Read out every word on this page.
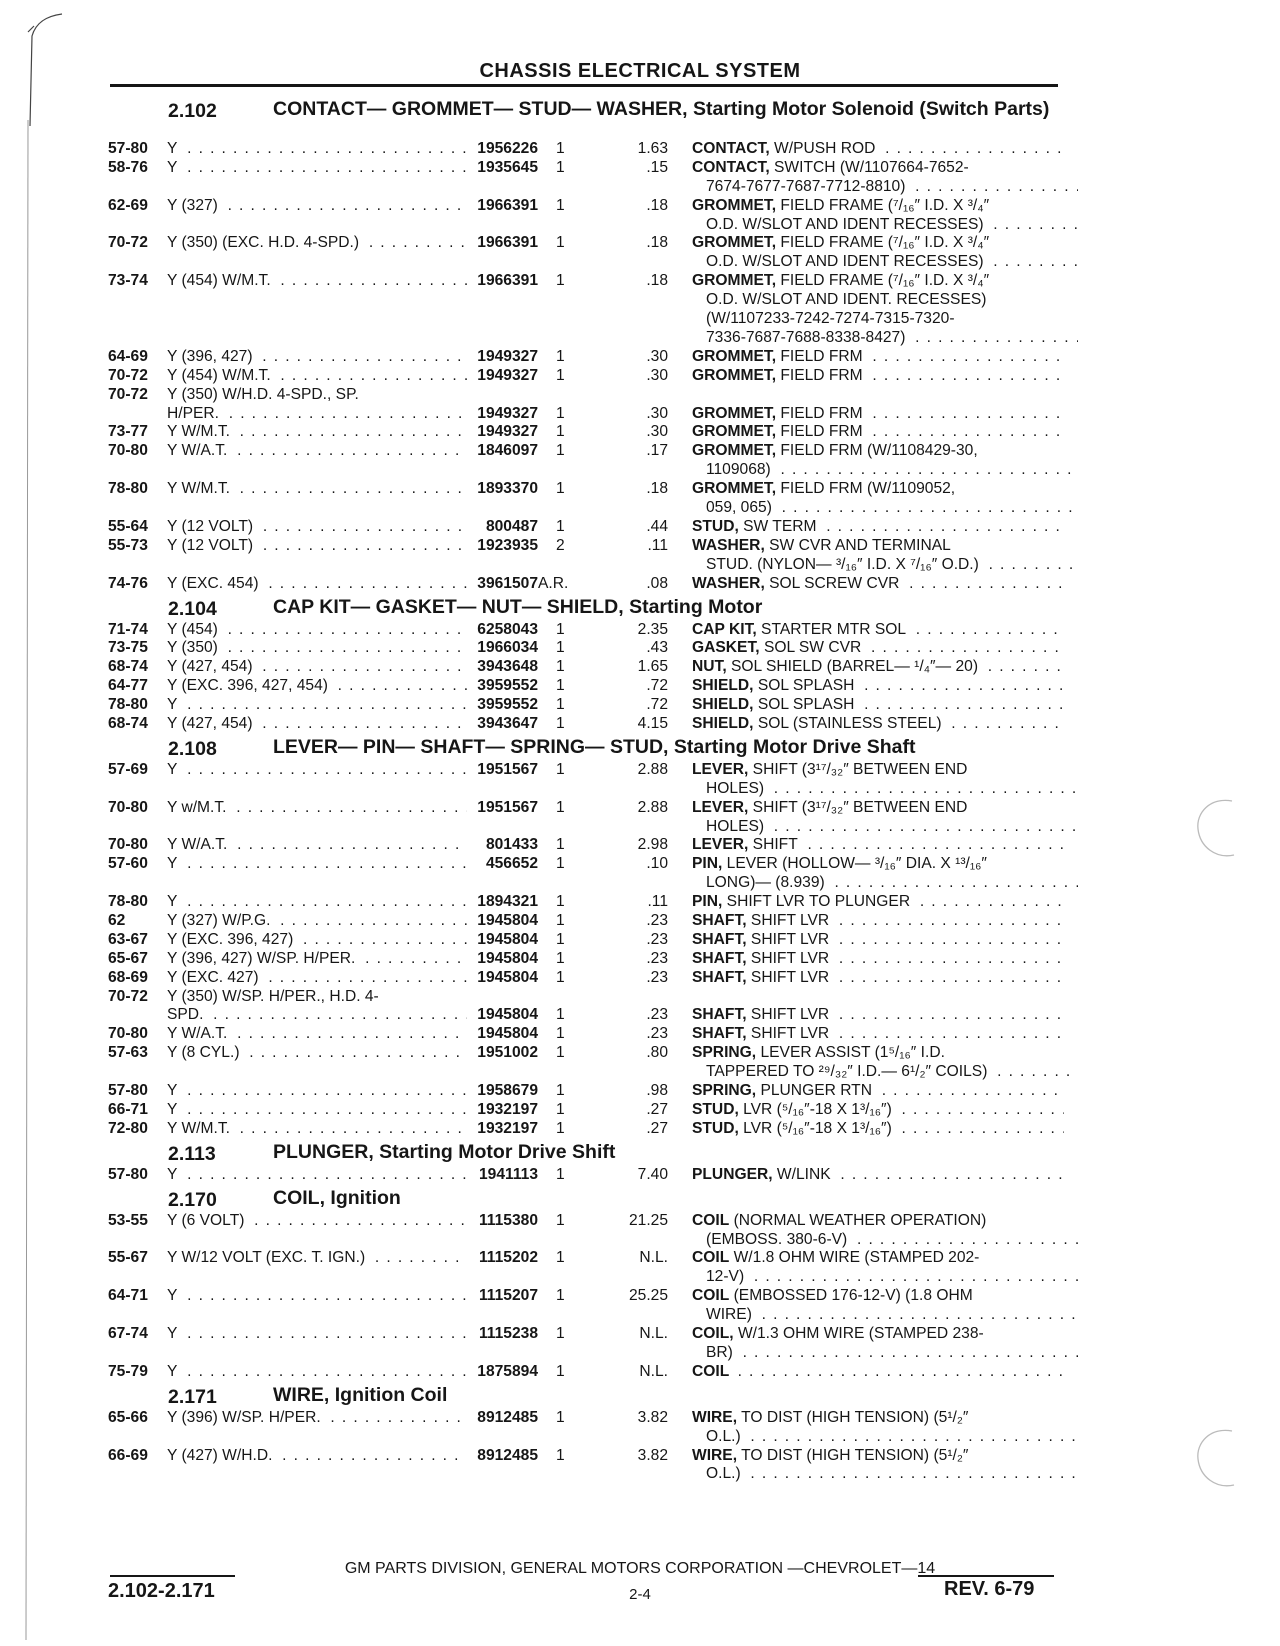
CHASSIS ELECTRICAL SYSTEM
2.102	CONTACT— GROMMET— STUD— WASHER, Starting Motor Solenoid (Switch Parts)
57-80	Y . . .	1956226 1	1.63 CONTACT, W/PUSH ROD . . .
58-76	Y . . .	1935645 1	.15 CONTACT, SWITCH (W/1107664-7652-
7674-7677-7687-7712-8810) . . .
62-69	Y (327) . . .	1966391 1	.18 GROMMET, FIELD FRAME (⁷/₁₆″ I.D. X ³/₄″
O.D. W/SLOT AND IDENT RECESSES) . . .
70-72	Y (350) (EXC. H.D. 4-SPD.) . . .	1966391 1	.18 GROMMET, FIELD FRAME (⁷/₁₆″ I.D. X ³/₄″
O.D. W/SLOT AND IDENT RECESSES) . . .
73-74	Y (454) W/M.T. . . .	1966391 1	.18 GROMMET, FIELD FRAME (⁷/₁₆″ I.D. X ³/₄″
O.D. W/SLOT AND IDENT. RECESSES)
(W/1107233-7242-7274-7315-7320-
7336-7687-7688-8338-8427) . . .
64-69	Y (396, 427) . . .	1949327 1	.30 GROMMET, FIELD FRM . . .
70-72	Y (454) W/M.T. . . .	1949327 1	.30 GROMMET, FIELD FRM . . .
70-72	Y (350) W/H.D. 4-SPD., SP.
H/PER. . . .	1949327 1	.30 GROMMET, FIELD FRM . . .
73-77	Y W/M.T. . . .	1949327 1	.30 GROMMET, FIELD FRM . . .
70-80	Y W/A.T. . . .	1846097 1	.17 GROMMET, FIELD FRM (W/1108429-30,
1109068) . . .
78-80	Y W/M.T. . . .	1893370 1	.18 GROMMET, FIELD FRM (W/1109052,
059, 065) . . .
55-64	Y (12 VOLT) . . .	800487 1	.44 STUD, SW TERM . . .
55-73	Y (12 VOLT) . . .	1923935 2	.11 WASHER, SW CVR AND TERMINAL
STUD. (NYLON— ³/₁₆″ I.D. X ⁷/₁₆″ O.D.) . . .
74-76	Y (EXC. 454) . . .	3961507 A.R.	.08 WASHER, SOL SCREW CVR . . .
2.104	CAP KIT— GASKET— NUT— SHIELD, Starting Motor
71-74	Y (454) . . .	6258043 1	2.35 CAP KIT, STARTER MTR SOL . . .
73-75	Y (350) . . .	1966034 1	.43 GASKET, SOL SW CVR . . .
68-74	Y (427, 454) . . .	3943648 1	1.65 NUT, SOL SHIELD (BARREL— ¹/₄″— 20) . . .
64-77	Y (EXC. 396, 427, 454) . . .	3959552 1	.72 SHIELD, SOL SPLASH . . .
78-80	Y . . .	3959552 1	.72 SHIELD, SOL SPLASH . . .
68-74	Y (427, 454) . . .	3943647 1	4.15 SHIELD, SOL (STAINLESS STEEL) . . .
2.108	LEVER— PIN— SHAFT— SPRING— STUD, Starting Motor Drive Shaft
57-69	Y . . .	1951567 1	2.88 LEVER, SHIFT (3¹⁷/₃₂″ BETWEEN END
HOLES) . . .
70-80	Y w/M.T. . . .	1951567 1	2.88 LEVER, SHIFT (3¹⁷/₃₂″ BETWEEN END
HOLES) . . .
70-80	Y W/A.T. . . .	801433 1	2.98 LEVER, SHIFT . . .
57-60	Y . . .	456652 1	.10 PIN, LEVER (HOLLOW— ³/₁₆″ DIA. X ¹³/₁₆″
LONG)— (8.939) . . .
78-80	Y . . .	1894321 1	.11 PIN, SHIFT LVR TO PLUNGER . . .
62	Y (327) W/P.G. . . .	1945804 1	.23 SHAFT, SHIFT LVR . . .
63-67	Y (EXC. 396, 427) . . .	1945804 1	.23 SHAFT, SHIFT LVR . . .
65-67	Y (396, 427) W/SP. H/PER. . . .	1945804 1	.23 SHAFT, SHIFT LVR . . .
68-69	Y (EXC. 427) . . .	1945804 1	.23 SHAFT, SHIFT LVR . . .
70-72	Y (350) W/SP. H/PER., H.D. 4-
SPD. . . .	1945804 1	.23 SHAFT, SHIFT LVR . . .
70-80	Y W/A.T. . . .	1945804 1	.23 SHAFT, SHIFT LVR . . .
57-63	Y (8 CYL.) . . .	1951002 1	.80 SPRING, LEVER ASSIST (1⁵/₁₆″ I.D.
TAPPERED TO ²⁹/₃₂″ I.D.— 6¹/₂″ COILS) . . .
57-80	Y . . .	1958679 1	.98 SPRING, PLUNGER RTN . . .
66-71	Y . . .	1932197 1	.27 STUD, LVR (⁵/₁₆″-18 X 1³/₁₆″) . . .
72-80	Y W/M.T. . . .	1932197 1	.27 STUD, LVR (⁵/₁₆″-18 X 1³/₁₆″) . . .
2.113	PLUNGER, Starting Motor Drive Shift
57-80	Y . . .	1941113 1	7.40 PLUNGER, W/LINK . . .
2.170	COIL, Ignition
53-55	Y (6 VOLT) . . .	1115380 1	21.25 COIL (NORMAL WEATHER OPERATION)
(EMBOSS. 380-6-V) . . .
55-67	Y W/12 VOLT (EXC. T. IGN.) . . .	1115202 1	N.L. COIL W/1.8 OHM WIRE (STAMPED 202-
12-V) . . .
64-71	Y . . .	1115207 1	25.25 COIL (EMBOSSED 176-12-V) (1.8 OHM
WIRE) . . .
67-74	Y . . .	1115238 1	N.L. COIL, W/1.3 OHM WIRE (STAMPED 238-
BR) . . .
75-79	Y . . .	1875894 1	N.L. COIL . . .
2.171	WIRE, Ignition Coil
65-66	Y (396) W/SP. H/PER. . . .	8912485 1	3.82 WIRE, TO DIST (HIGH TENSION) (5¹/₂″
O.L.) . . .
66-69	Y (427) W/H.D. . . .	8912485 1	3.82 WIRE, TO DIST (HIGH TENSION) (5¹/₂″
O.L.) . . .
GM PARTS DIVISION, GENERAL MOTORS CORPORATION —CHEVROLET—14
2.102-2.171	2-4	REV. 6-79
